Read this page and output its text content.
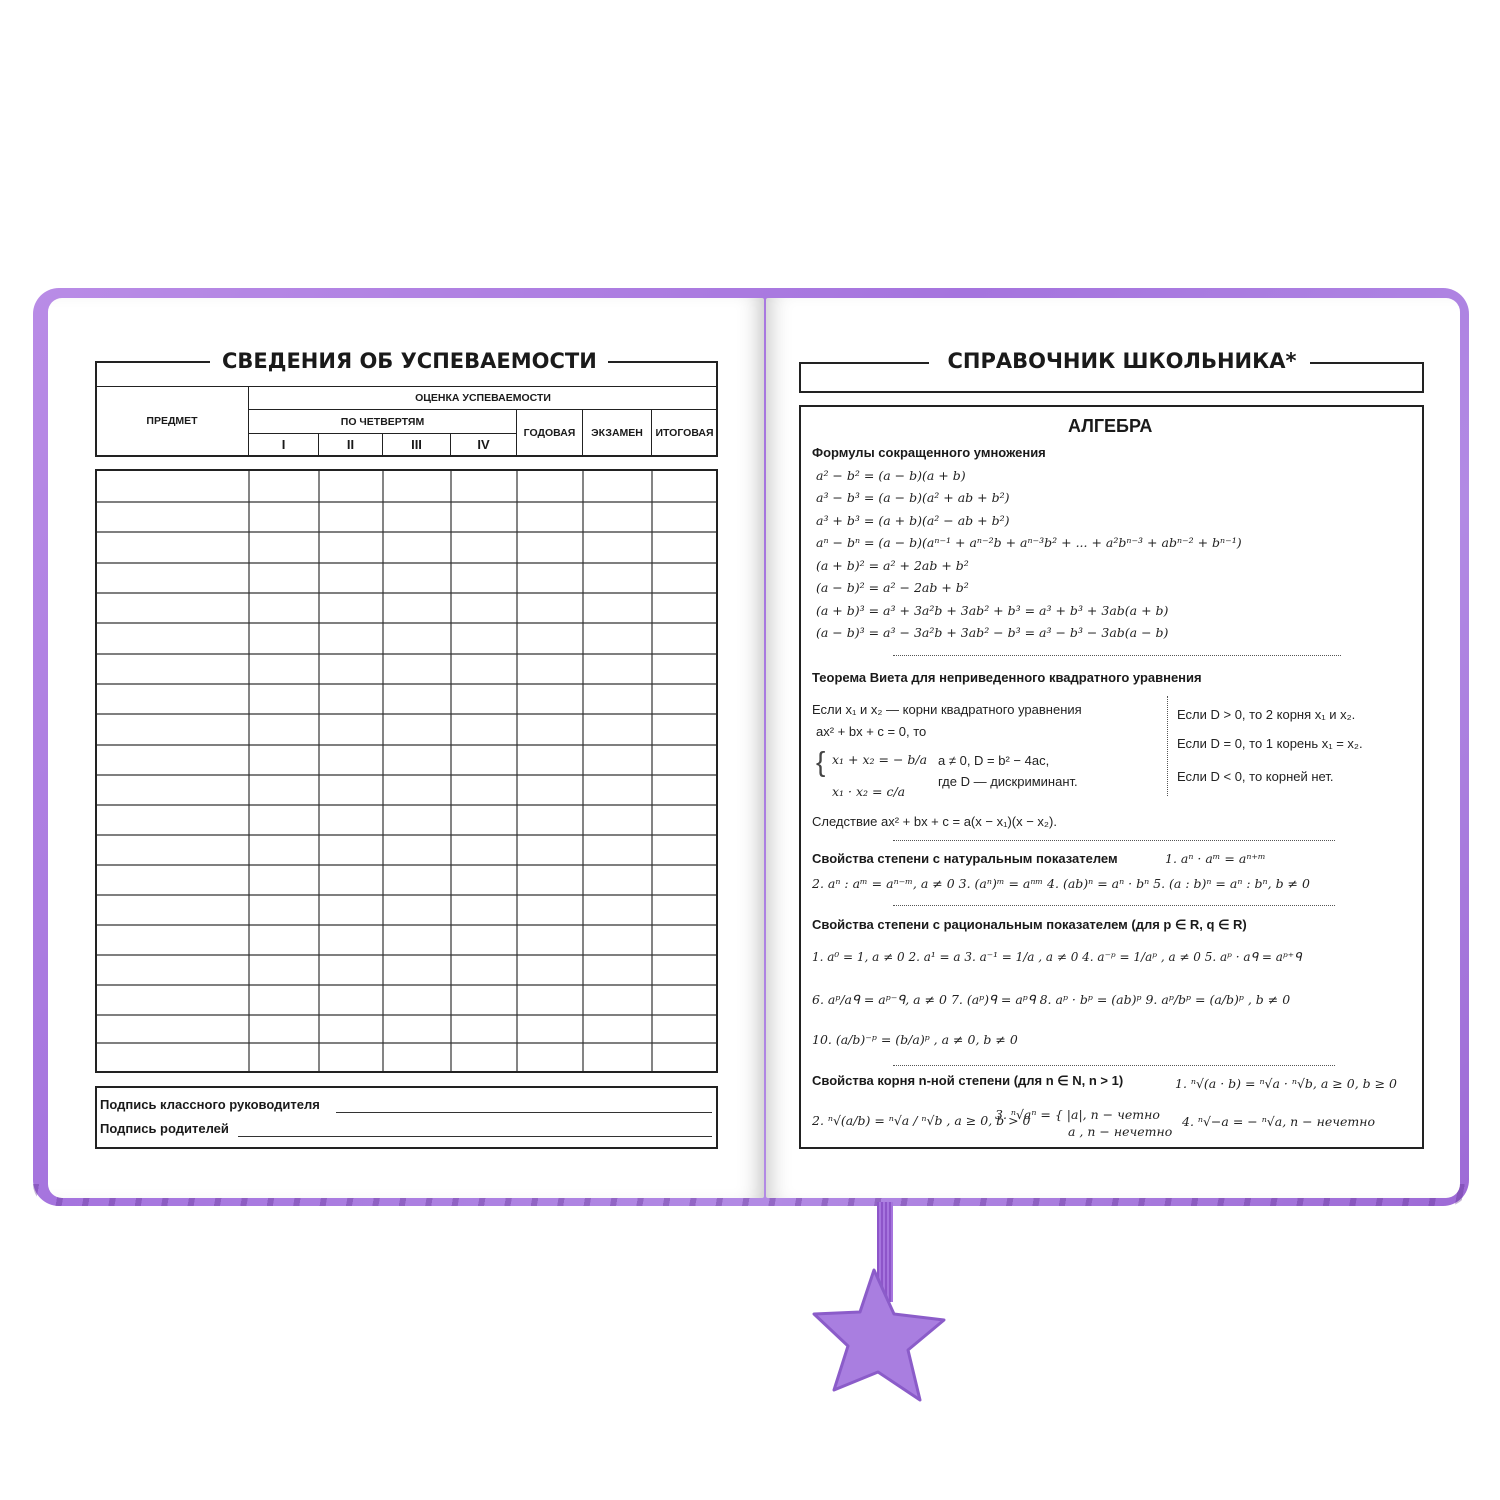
СВЕДЕНИЯ ОБ УСПЕВАЕМОСТИ
ПРЕДМЕТ
ОЦЕНКА УСПЕВАЕМОСТИ
ПО ЧЕТВЕРТЯМ
I	II	III	IV
ГОДОВАЯ	ЭКЗАМЕН	ИТОГОВАЯ
Подпись классного руководителя
Подпись родителей
СПРАВОЧНИК ШКОЛЬНИКА*
АЛГЕБРА
Формулы сокращенного умножения
a² − b² = (a − b)(a + b)
a³ − b³ = (a − b)(a² + ab + b²)
a³ + b³ = (a + b)(a² − ab + b²)
aⁿ − bⁿ = (a − b)(aⁿ⁻¹ + aⁿ⁻²b + aⁿ⁻³b² + ... + a²bⁿ⁻³ + abⁿ⁻² + bⁿ⁻¹)
(a + b)² = a² + 2ab + b²
(a − b)² = a² − 2ab + b²
(a + b)³ = a³ + 3a²b + 3ab² + b³ = a³ + b³ + 3ab(a + b)
(a − b)³ = a³ − 3a²b + 3ab² − b³ = a³ − b³ − 3ab(a − b)
Теорема Виета для неприведенного квадратного уравнения
Если x₁ и x₂ — корни квадратного уравнения
ax² + bx + c = 0, то
{ x₁ + x₂ = − b/a
x₁ · x₂ = c/a
a ≠ 0, D = b² − 4ac,
где D — дискриминант.
Следствие ax² + bx + c = a(x − x₁)(x − x₂).
Если D > 0, то 2 корня x₁ и x₂.
Если D = 0, то 1 корень x₁ = x₂.
Если D < 0, то корней нет.
Свойства степени с натуральным показателем	1. aⁿ · aᵐ = aⁿ⁺ᵐ
2. aⁿ : aᵐ = aⁿ⁻ᵐ, a ≠ 0 3. (aⁿ)ᵐ = aⁿᵐ 4. (ab)ⁿ = aⁿ · bⁿ 5. (a : b)ⁿ = aⁿ : bⁿ, b ≠ 0
Свойства степени с рациональным показателем (для p ∈ R, q ∈ R)
1. a⁰ = 1, a ≠ 0 2. a¹ = a 3. a⁻¹ = 1/a , a ≠ 0 4. a⁻ᵖ = 1/aᵖ , a ≠ 0 5. aᵖ · aᑫ = aᵖ⁺ᑫ
6. aᵖ/aᑫ = aᵖ⁻ᑫ, a ≠ 0 7. (aᵖ)ᑫ = aᵖᑫ 8. aᵖ · bᵖ = (ab)ᵖ 9. aᵖ/bᵖ = (a/b)ᵖ , b ≠ 0
10. (a/b)⁻ᵖ = (b/a)ᵖ , a ≠ 0, b ≠ 0
Свойства корня n-ной степени (для n ∈ N, n > 1)	1. ⁿ√(a · b) = ⁿ√a · ⁿ√b, a ≥ 0, b ≥ 0
2. ⁿ√(a/b) = ⁿ√a / ⁿ√b , a ≥ 0, b > 0
3. ⁿ√aⁿ = { |a|, n − четно
a , n − нечетно
4. ⁿ√−a = − ⁿ√a, n − нечетно
